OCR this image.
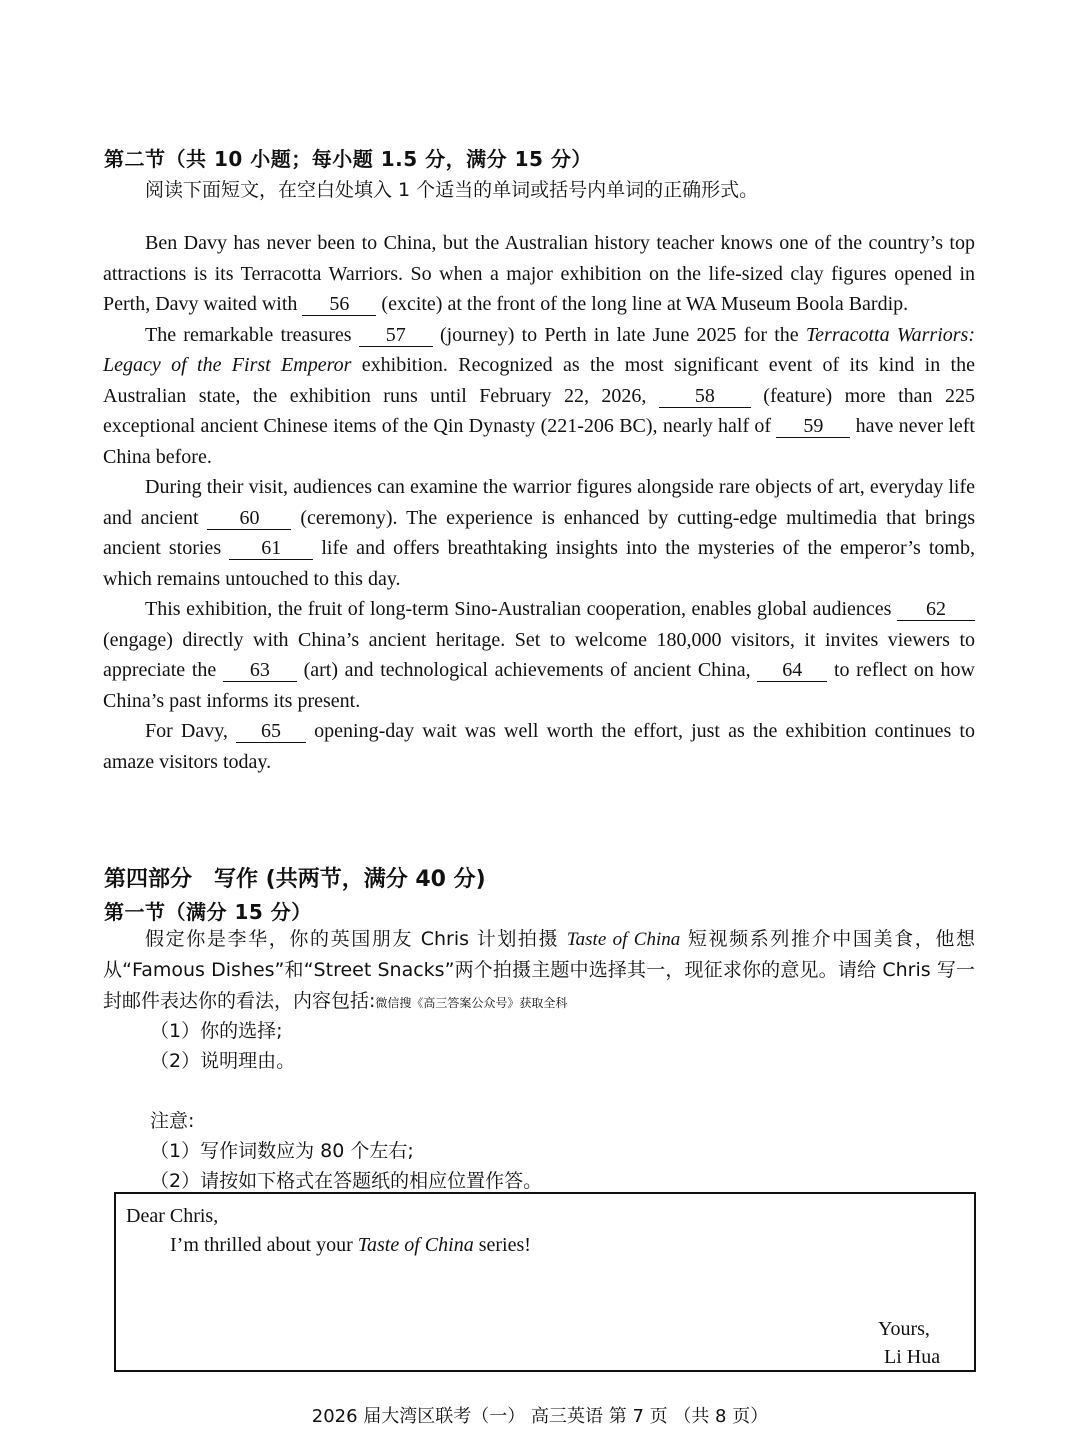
第二节（共 10 小题；每小题 1.5 分，满分 15 分）
阅读下面短文，在空白处填入 1 个适当的单词或括号内单词的正确形式。

Ben Davy has never been to China, but the Australian history teacher knows one of the country’s top attractions is its Terracotta Warriors. So when a major exhibition on the life-sized clay figures opened in Perth, Davy waited with 56 (excite) at the front of the long line at WA Museum Boola Bardip.

The remarkable treasures 57 (journey) to Perth in late June 2025 for the Terracotta Warriors: Legacy of the First Emperor exhibition. Recognized as the most significant event of its kind in the Australian state, the exhibition runs until February 22, 2026, 58 (feature) more than 225 exceptional ancient Chinese items of the Qin Dynasty (221-206 BC), nearly half of 59 have never left China before.

During their visit, audiences can examine the warrior figures alongside rare objects of art, everyday life and ancient 60 (ceremony). The experience is enhanced by cutting-edge multimedia that brings ancient stories 61 life and offers breathtaking insights into the mysteries of the emperor’s tomb, which remains untouched to this day.

This exhibition, the fruit of long-term Sino-Australian cooperation, enables global audiences 62 (engage) directly with China’s ancient heritage. Set to welcome 180,000 visitors, it invites viewers to appreciate the 63 (art) and technological achievements of ancient China, 64 to reflect on how China’s past informs its present.

For Davy, 65 opening-day wait was well worth the effort, just as the exhibition continues to amaze visitors today.

第四部分　写作 (共两节，满分 40 分)
第一节（满分 15 分）

假定你是李华，你的英国朋友 Chris 计划拍摄 Taste of China 短视频系列推介中国美食，他想从“Famous Dishes”和“Street Snacks”两个拍摄主题中选择其一，现征求你的意见。请给 Chris 写一封邮件表达你的看法，内容包括:微信搜《高三答案公众号》获取全科

（1）你的选择;
（2）说明理由。
注意:
（1）写作词数应为 80 个左右;
（2）请按如下格式在答题纸的相应位置作答。
Dear Chris,
I’m thrilled about your Taste of China series!
Yours,
Li Hua
2026 届大湾区联考（一） 高三英语 第 7 页 （共 8 页）
